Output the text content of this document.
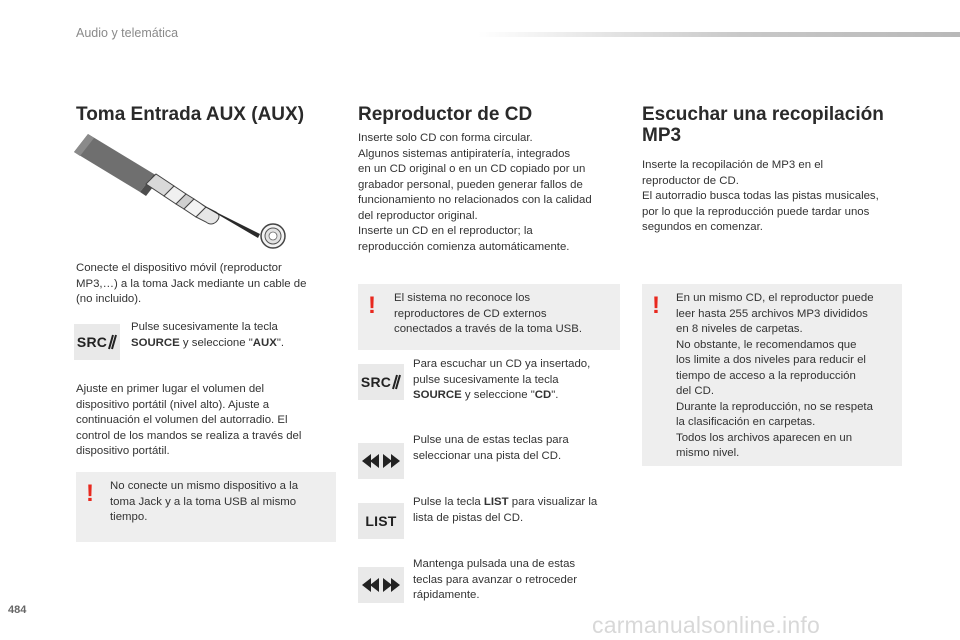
Audio y telemática
Toma Entrada AUX (AUX)

Conecte el dispositivo móvil (reproductor
MP3,…) a la toma Jack mediante un cable de
(no incluido).

SRC

Pulse sucesivamente la tecla
SOURCE y seleccione "AUX".

Ajuste en primer lugar el volumen del
dispositivo portátil (nivel alto). Ajuste a
continuación el volumen del autorradio. El
control de los mandos se realiza a través del
dispositivo portátil.

! No conecte un mismo dispositivo a la
toma Jack y a la toma USB al mismo
tiempo.

Reproductor de CD

Inserte solo CD con forma circular.
Algunos sistemas antipiratería, integrados
en un CD original o en un CD copiado por un
grabador personal, pueden generar fallos de
funcionamiento no relacionados con la calidad
del reproductor original.
Inserte un CD en el reproductor; la
reproducción comienza automáticamente.

! El sistema no reconoce los
reproductores de CD externos
conectados a través de la toma USB.

SRC

Para escuchar un CD ya insertado,
pulse sucesivamente la tecla
SOURCE y seleccione "CD".

Pulse una de estas teclas para
seleccionar una pista del CD.

LIST

Pulse la tecla LIST para visualizar la
lista de pistas del CD.

Mantenga pulsada una de estas
teclas para avanzar o retroceder
rápidamente.

Escuchar una recopilación
MP3

Inserte la recopilación de MP3 en el
reproductor de CD.
El autorradio busca todas las pistas musicales,
por lo que la reproducción puede tardar unos
segundos en comenzar.

! En un mismo CD, el reproductor puede
leer hasta 255 archivos MP3 divididos
en 8 niveles de carpetas.
No obstante, le recomendamos que
los limite a dos niveles para reducir el
tiempo de acceso a la reproducción
del CD.
Durante la reproducción, no se respeta
la clasificación en carpetas.
Todos los archivos aparecen en un
mismo nivel.

484
carmanualsonline.info
